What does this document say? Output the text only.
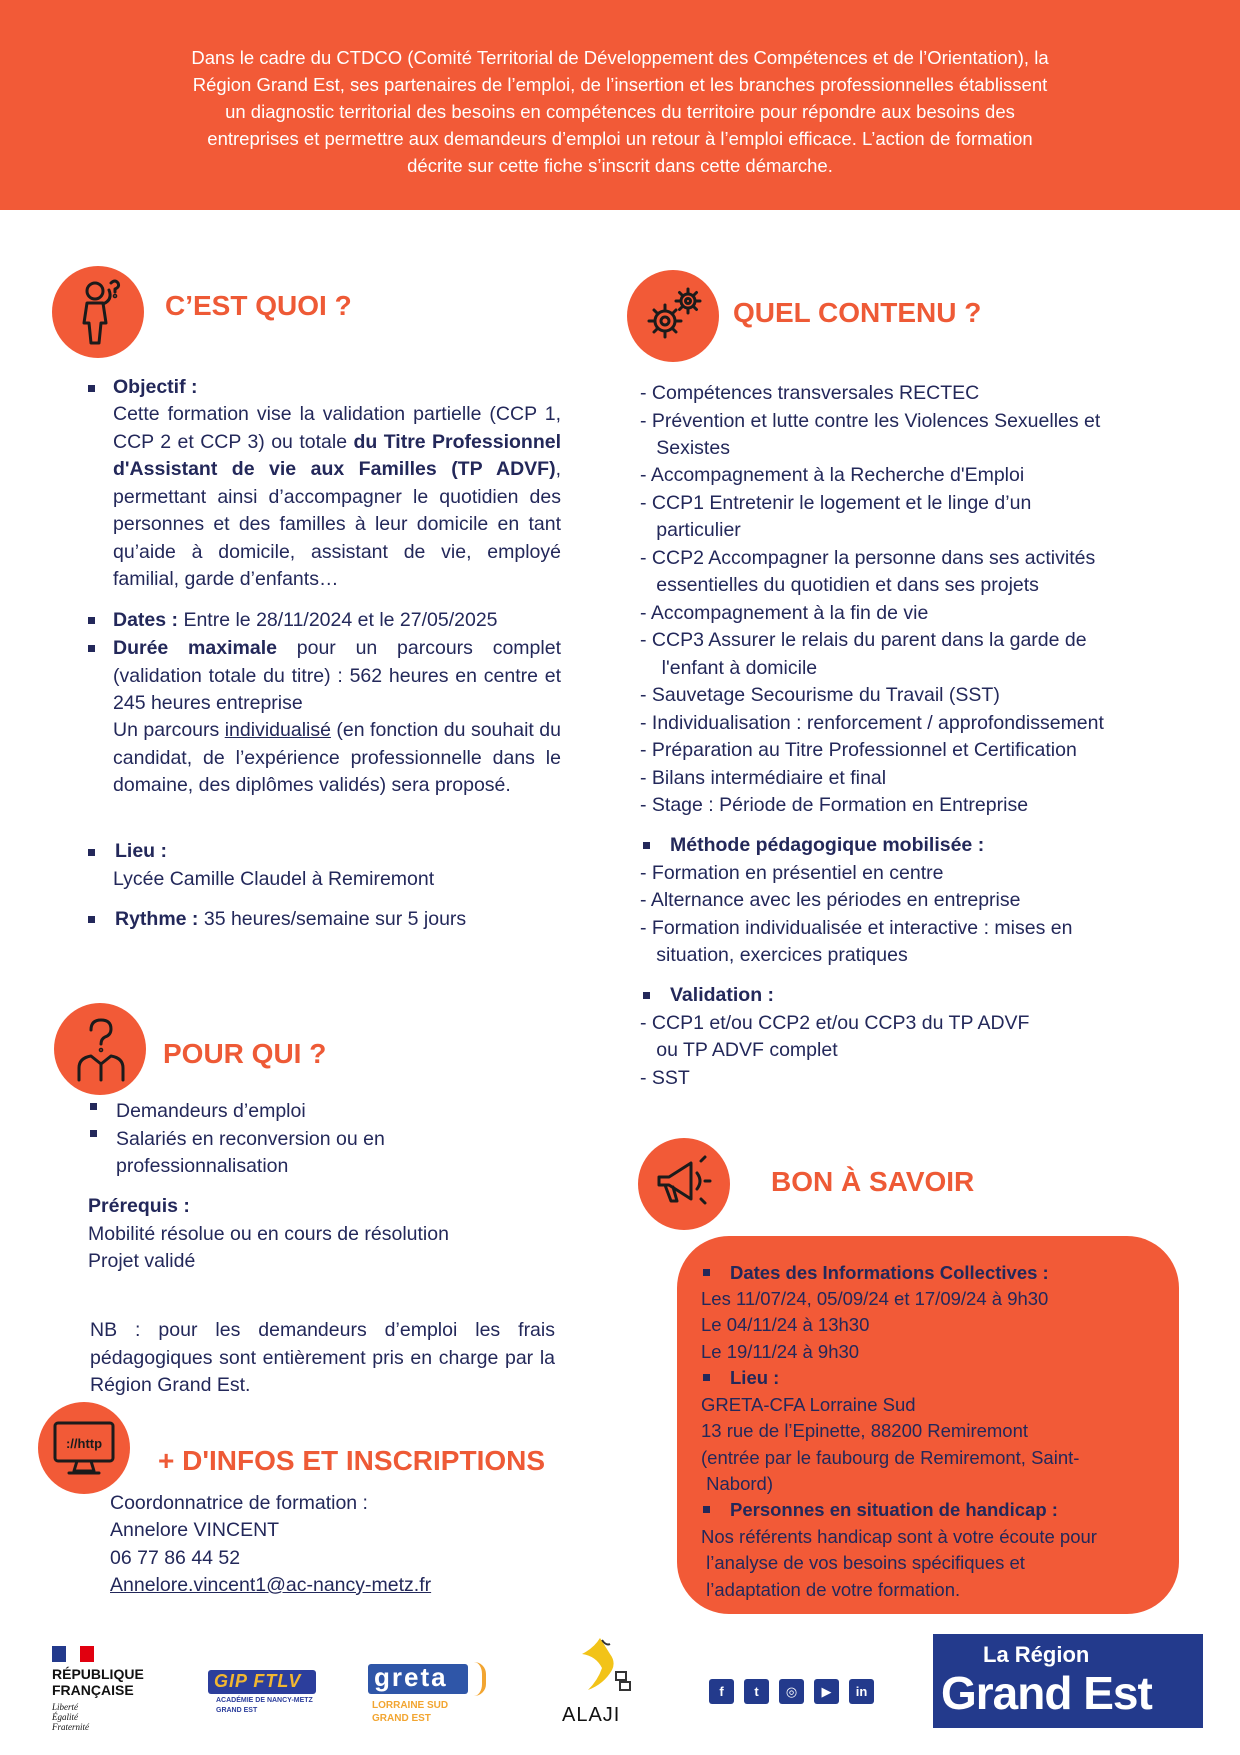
Dans le cadre du CTDCO (Comité Territorial de Développement des Compétences et de l’Orientation), la
Région Grand Est, ses partenaires de l’emploi, de l’insertion et les branches professionnelles établissent
un diagnostic territorial des besoins en compétences du territoire pour répondre aux besoins des
entreprises et permettre aux demandeurs d’emploi un retour à l’emploi efficace. L’action de formation
décrite sur cette fiche s’inscrit dans cette démarche.
C’EST QUOI ?
Objectif :
Cette formation vise la validation partielle (CCP 1, CCP 2 et CCP 3) ou totale du Titre Professionnel d'Assistant de vie aux Familles (TP ADVF), permettant ainsi d’accompagner le quotidien des personnes et des familles à leur domicile en tant qu’aide à domicile, assistant de vie, employé familial, garde d’enfants…
Dates : Entre le 28/11/2024 et le 27/05/2025
Durée maximale pour un parcours complet (validation totale du titre) : 562 heures en centre et 245 heures entreprise
Un parcours individualisé (en fonction du souhait du candidat, de l’expérience professionnelle dans le domaine, des diplômes validés) sera proposé.
Lieu :
Lycée Camille Claudel à Remiremont
Rythme : 35 heures/semaine sur 5 jours
QUEL CONTENU ?
- Compétences transversales RECTEC
- Prévention et lutte contre les Violences Sexuelles et
Sexistes
- Accompagnement à la Recherche d'Emploi
- CCP1 Entretenir le logement et le linge d’un
particulier
- CCP2 Accompagner la personne dans ses activités
essentielles du quotidien et dans ses projets
- Accompagnement à la fin de vie
- CCP3 Assurer le relais du parent dans la garde de
l'enfant à domicile
- Sauvetage Secourisme du Travail (SST)
- Individualisation : renforcement / approfondissement
- Préparation au Titre Professionnel et Certification
- Bilans intermédiaire et final
- Stage : Période de Formation en Entreprise
Méthode pédagogique mobilisée :
- Formation en présentiel en centre
- Alternance avec les périodes en entreprise
- Formation individualisée et interactive : mises en
situation, exercices pratiques
Validation :
- CCP1 et/ou CCP2 et/ou CCP3 du TP ADVF
ou TP ADVF complet
- SST
POUR QUI ?
Demandeurs d’emploi
Salariés en reconversion ou en
professionnalisation
Prérequis :
Mobilité résolue ou en cours de résolution
Projet validé
NB : pour les demandeurs d’emploi les frais pédagogiques sont entièrement pris en charge par la Région Grand Est.
://http
+ D'INFOS ET INSCRIPTIONS
Coordonnatrice de formation :
Annelore VINCENT
06 77 86 44 52
Annelore.vincent1@ac-nancy-metz.fr
BON À SAVOIR
Dates des Informations Collectives :
Les 11/07/24, 05/09/24 et 17/09/24 à 9h30
Le 04/11/24 à 13h30
Le 19/11/24 à 9h30
Lieu :
GRETA-CFA Lorraine Sud
13 rue de l’Epinette, 88200 Remiremont
(entrée par le faubourg de Remiremont, Saint-
Nabord)
Personnes en situation de handicap :
Nos référents handicap sont à votre écoute pour
l’analyse de vos besoins spécifiques et
l’adaptation de votre formation.
RÉPUBLIQUE
FRANÇAISE
Liberté
Égalité
Fraternité
GIP FTLV
ACADÉMIE DE NANCY-METZ
GRAND EST
greta
LORRAINE SUD
GRAND EST	ALAJI
f	t	◎	▶	in
La Région
Grand Est
